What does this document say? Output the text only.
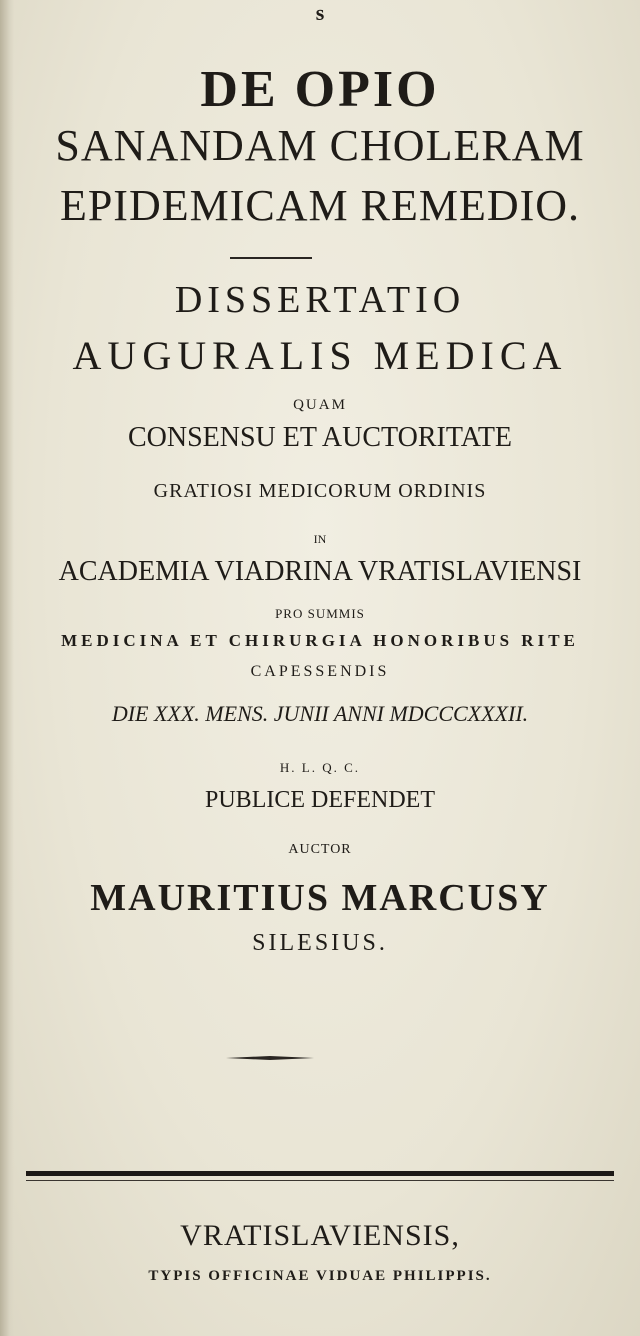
s

DE OPIO

SANANDAM CHOLERAM

EPIDEMICAM REMEDIO.

DISSERTATIO

AUGURALIS MEDICA

QUAM

CONSENSU ET AUCTORITATE

GRATIOSI MEDICORUM ORDINIS

IN

ACADEMIA VIADRINA VRATISLAVIENSI

PRO SUMMIS

MEDICINA ET CHIRURGIA HONORIBUS RITE

CAPESSENDIS

DIE XXX. MENS. JUNII ANNI MDCCCXXXII.

H. L. Q. C.

PUBLICE DEFENDET

AUCTOR

MAURITIUS MARCUSY

SILESIUS.

VRATISLAVIENSIS,

TYPIS OFFICINAE VIDUAE PHILIPPIS.
